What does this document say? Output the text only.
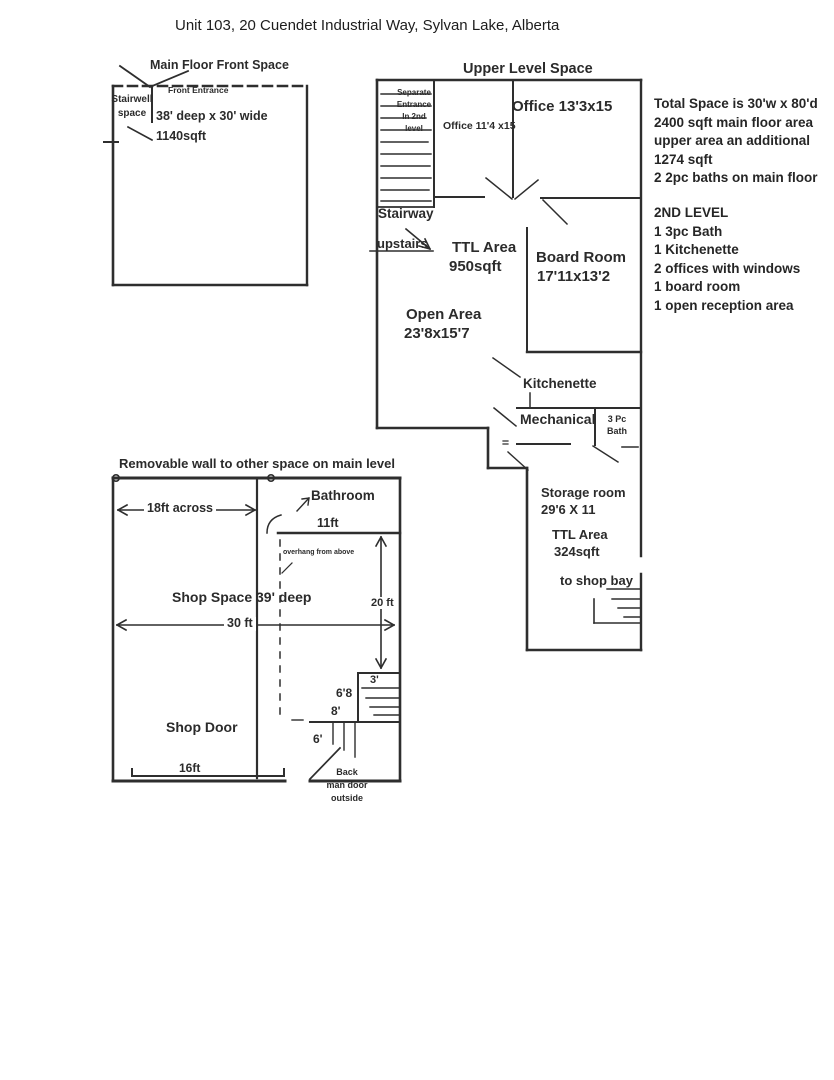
Unit 103, 20 Cuendet Industrial Way, Sylvan Lake, Alberta
Main Floor Front Space
Front Entrance
Stairwell
space 38' deep x 30' wide
1140sqft
Upper Level Space
Separate
Entrance
In 2nd
level	Office 11'4 x15
Office 13'3x15
Stairway
upstairs TTL Area
950sqft
Board Room
17'11x13'2
Open Area
23'8x15'7
Kitchenette
Mechanical	3 Pc
Bath
Storage room
29'6 X 11
TTL Area
324sqft
to shop bay
Total Space is 30'w x 80'd
2400 sqft main floor area
upper area an additional
1274 sqft
2 2pc baths on main floor
2ND LEVEL
1 3pc Bath
1 Kitchenette
2 offices with windows
1 board room
1 open reception area
Removable wall to other space on main level
18ft across
Bathroom
11ft
overhang from above
Shop Space 39' deep
30 ft
20 ft
Shop Door
16ft
3'
6'8
8'
6'
Back
man door
outside
